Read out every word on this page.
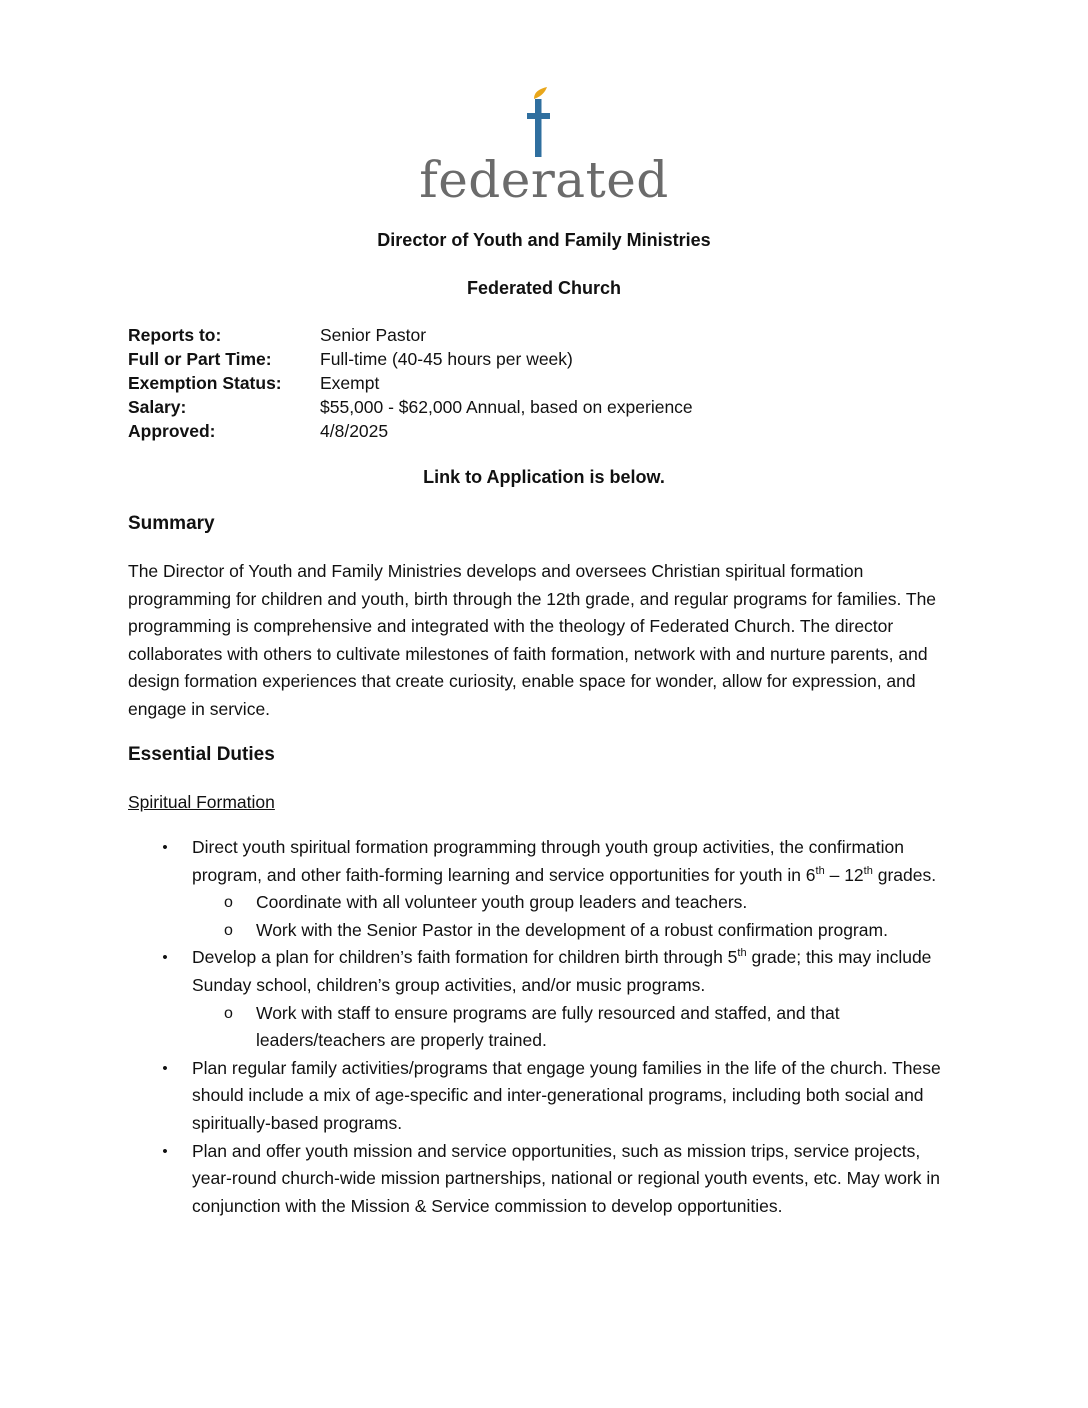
federated
Director of Youth and Family Ministries
Federated Church
Reports to:	Senior Pastor
Full or Part Time:	Full-time (40-45 hours per week)
Exemption Status:	Exempt
Salary:	$55,000 - $62,000 Annual, based on experience
Approved:	4/8/2025
Link to Application is below.
Summary

The Director of Youth and Family Ministries develops and oversees Christian spiritual formation programming for children and youth, birth through the 12th grade, and regular programs for families. The programming is comprehensive and integrated with the theology of Federated Church. The director collaborates with others to cultivate milestones of faith formation, network with and nurture parents, and design formation experiences that create curiosity, enable space for wonder, allow for expression, and engage in service.

Essential Duties
Spiritual Formation
• Direct youth spiritual formation programming through youth group activities, the confirmation program, and other faith-forming learning and service opportunities for youth in 6th – 12th grades.
o Coordinate with all volunteer youth group leaders and teachers.
o Work with the Senior Pastor in the development of a robust confirmation program.
• Develop a plan for children’s faith formation for children birth through 5th grade; this may include Sunday school, children’s group activities, and/or music programs.
o Work with staff to ensure programs are fully resourced and staffed, and that leaders/teachers are properly trained.
• Plan regular family activities/programs that engage young families in the life of the church. These should include a mix of age-specific and inter-generational programs, including both social and spiritually-based programs.
• Plan and offer youth mission and service opportunities, such as mission trips, service projects, year-round church-wide mission partnerships, national or regional youth events, etc. May work in conjunction with the Mission & Service commission to develop opportunities.
